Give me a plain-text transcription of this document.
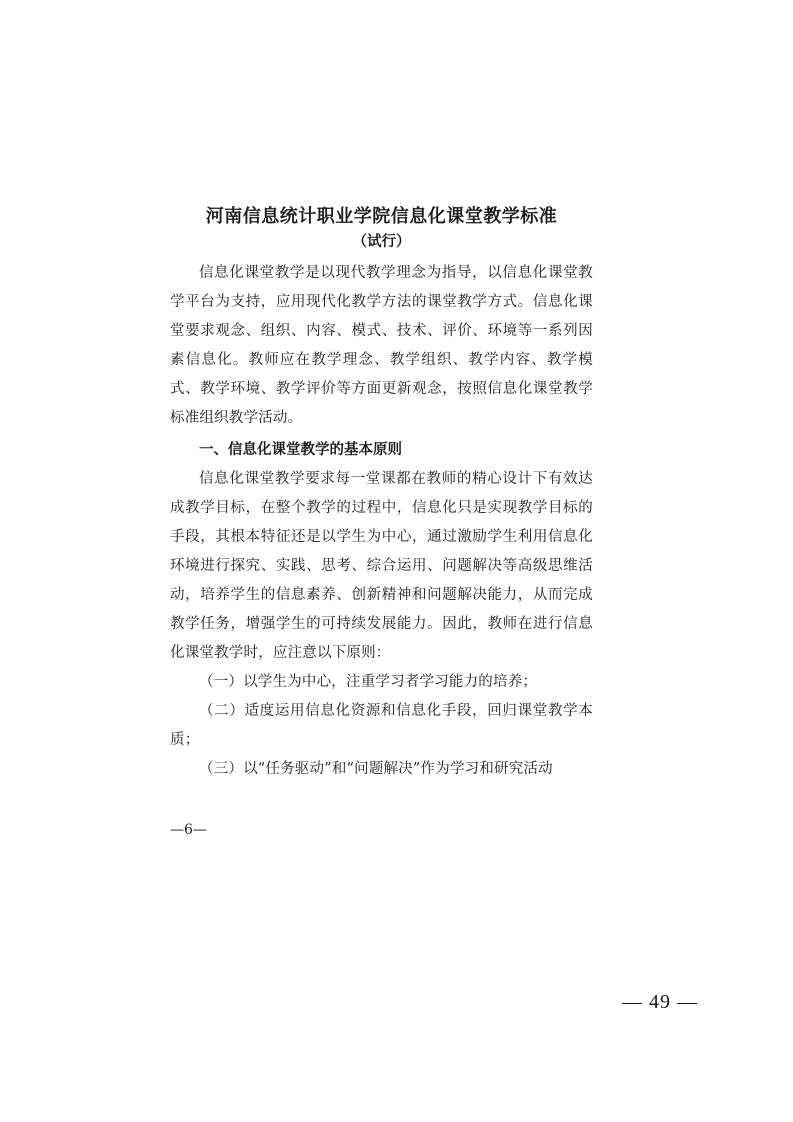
河南信息统计职业学院信息化课堂教学标准
（试行）

信息化课堂教学是以现代教学理念为指导，以信息化课堂教学平台为支持，应用现代化教学方法的课堂教学方式。信息化课堂要求观念、组织、内容、模式、技术、评价、环境等一系列因素信息化。教师应在教学理念、教学组织、教学内容、教学模式、教学环境、教学评价等方面更新观念，按照信息化课堂教学标准组织教学活动。

一、信息化课堂教学的基本原则

信息化课堂教学要求每一堂课都在教师的精心设计下有效达成教学目标，在整个教学的过程中，信息化只是实现教学目标的手段，其根本特征还是以学生为中心，通过激励学生利用信息化环境进行探究、实践、思考、综合运用、问题解决等高级思维活动，培养学生的信息素养、创新精神和问题解决能力，从而完成教学任务，增强学生的可持续发展能力。因此，教师在进行信息化课堂教学时，应注意以下原则：

（一）以学生为中心，注重学习者学习能力的培养；

（二）适度运用信息化资源和信息化手段，回归课堂教学本质；

（三）以“任务驱动”和“问题解决”作为学习和研究活动

—6—
— 49 —
